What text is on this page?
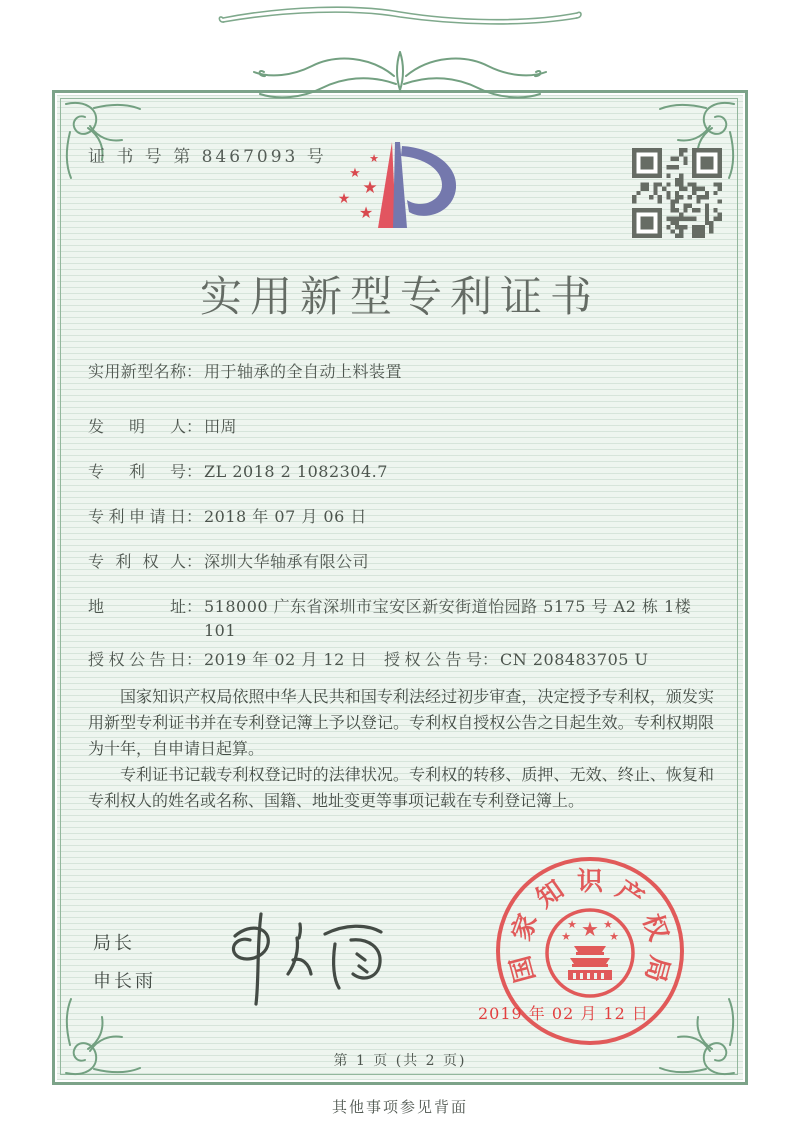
证 书 号 第 8467093 号	★
★
★
★
★
实用新型专利证书
实用新型名称 ： 用于轴承的全自动上料装置
发明人 ： 田周
专利号 ： ZL 2018 2 1082304.7
专利申请日 ： 2018 年 07 月 06 日
专利权人 ： 深圳大华轴承有限公司
地址 ： 518000 广东省深圳市宝安区新安街道怡园路 5175 号 A2 栋 1楼 101
授权公告日 ： 2019 年 02 月 12 日	授权公告号 ： CN 208483705 U

国家知识产权局依照中华人民共和国专利法经过初步审查，决定授予专利权，颁发实用新型专利证书并在专利登记簿上予以登记。专利权自授权公告之日起生效。专利权期限为十年，自申请日起算。

专利证书记载专利权登记时的法律状况。专利权的转移、质押、无效、终止、恢复和专利权人的姓名或名称、国籍、地址变更等事项记载在专利登记簿上。

局长
申长雨	国
家
知 识 产
权
局
★
★ ★
★	★
2019 年 02 月 12 日
第 1 页 (共 2 页)
其他事项参见背面
